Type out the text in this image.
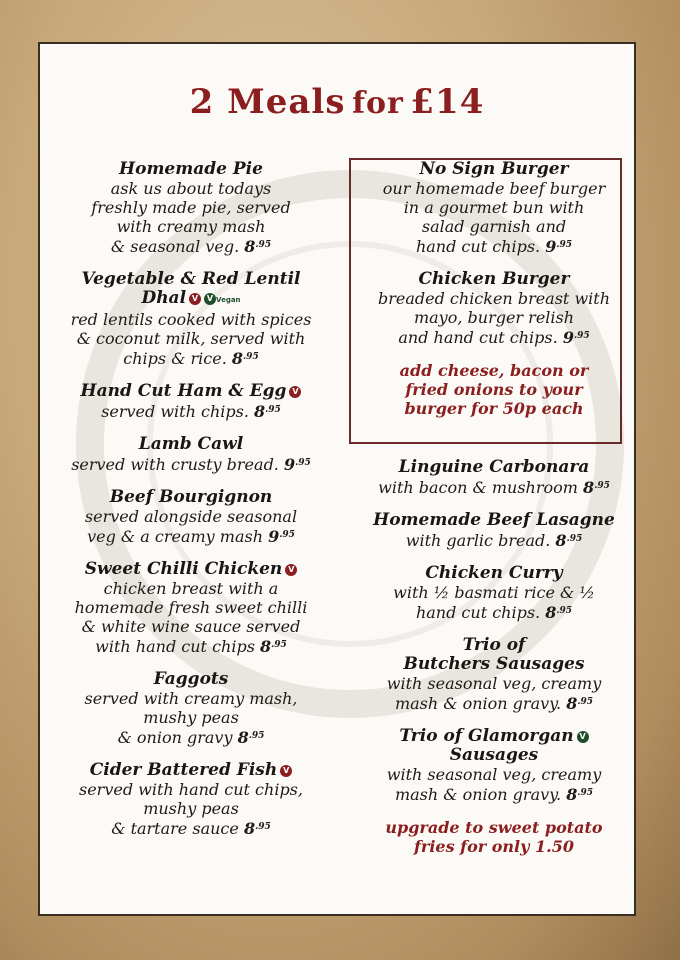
2 Meals for £14
Homemade Pie
ask us about todays
freshly made pie, served
with creamy mash
& seasonal veg. $8^{.95}$
Vegetable & Red Lentil
Dhal V V Vegan
red lentils cooked with spices
& coconut milk, served with
chips & rice. $8^{.95}$
Hand Cut Ham & Egg V
served with chips. $8^{.95}$
Lamb Cawl
served with crusty bread. $9^{.95}$
Beef Bourgignon
served alongside seasonal
veg & a creamy mash $9^{.95}$
Sweet Chilli Chicken V
chicken breast with a
homemade fresh sweet chilli
& white wine sauce served
with hand cut chips $8^{.95}$
Faggots
served with creamy mash,
mushy peas
& onion gravy $8^{.95}$
Cider Battered Fish V
served with hand cut chips,
mushy peas
& tartare sauce $8^{.95}$
No Sign Burger
our homemade beef burger
in a gourmet bun with
salad garnish and
hand cut chips. $9^{.95}$
Chicken Burger
breaded chicken breast with
mayo, burger relish
and hand cut chips. $9^{.95}$
add cheese, bacon or
fried onions to your
burger for 50p each
Linguine Carbonara
with bacon & mushroom $8^{.95}$
Homemade Beef Lasagne
with garlic bread. $8^{.95}$
Chicken Curry
with ½ basmati rice & ½
hand cut chips. $8^{.95}$
Trio of
Butchers Sausages
with seasonal veg, creamy
mash & onion gravy. $8^{.95}$
Trio of Glamorgan V
Sausages
with seasonal veg, creamy
mash & onion gravy. $8^{.95}$
upgrade to sweet potato
fries for only 1.50
